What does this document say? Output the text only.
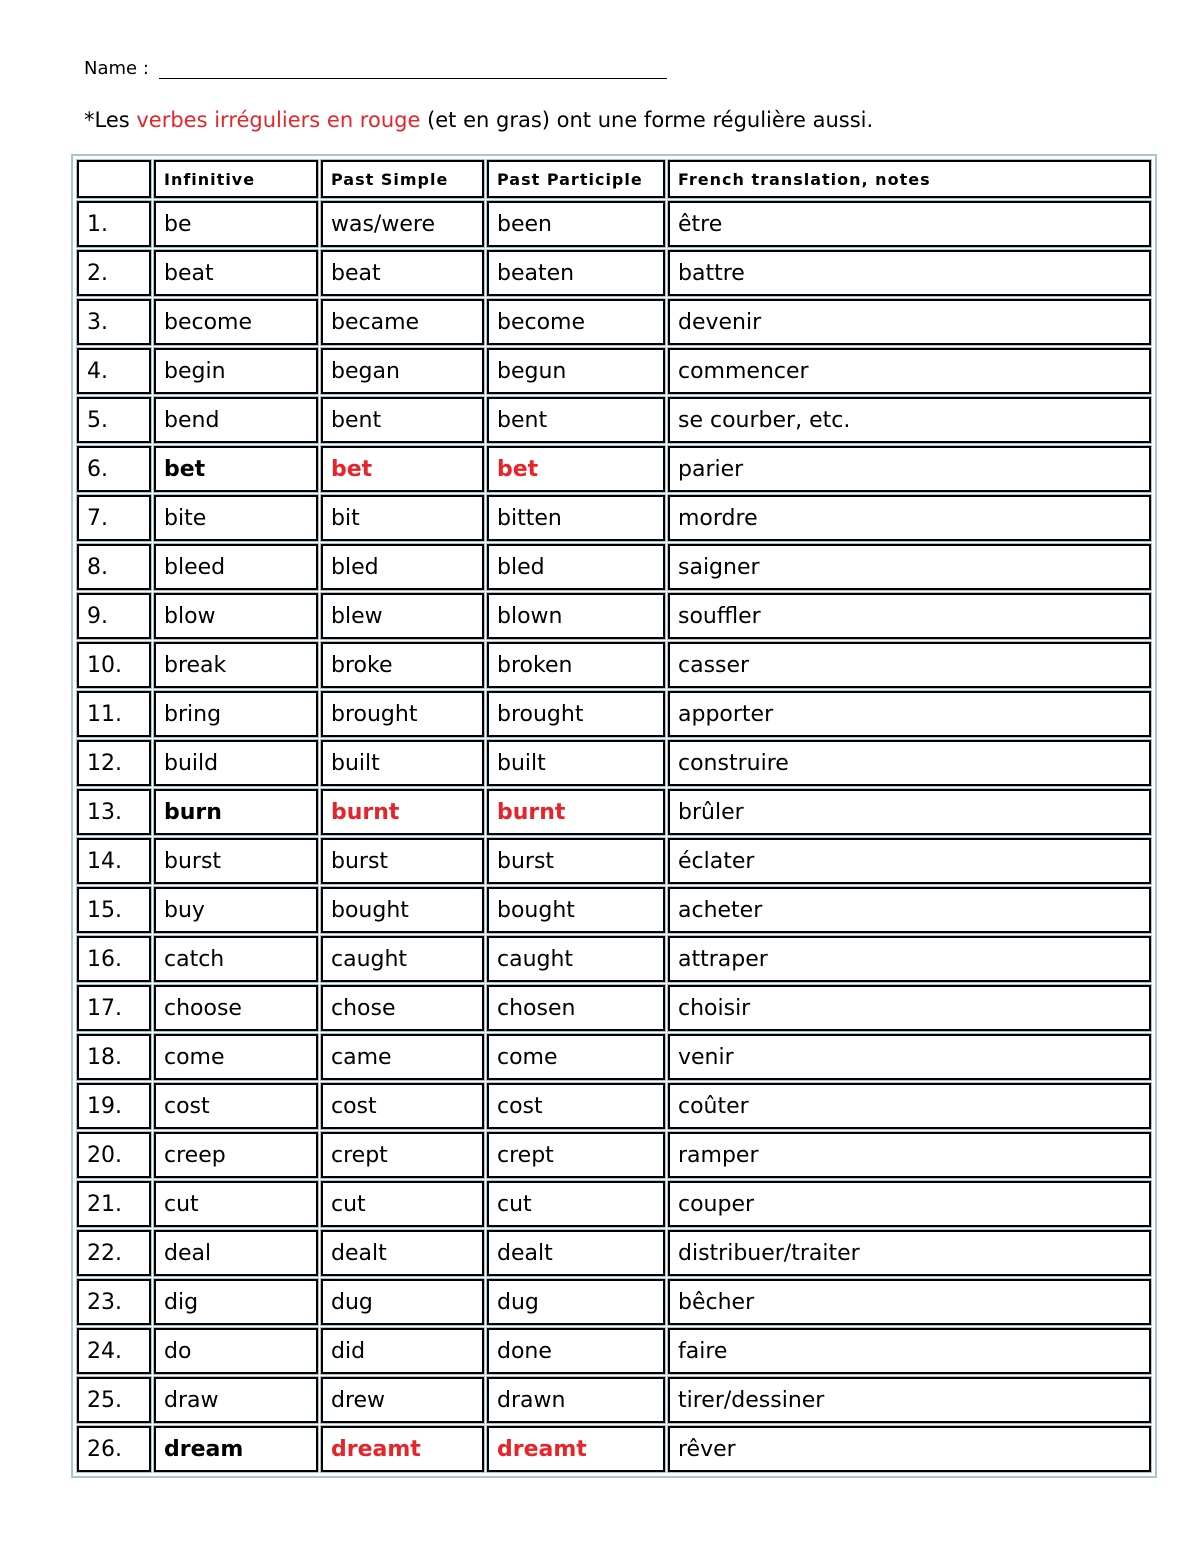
Name :
*Les verbes irréguliers en rouge (et en gras) ont une forme régulière aussi.
	Infinitive	Past Simple	Past Participle	French translation, notes
1.	be	was/were	been	être
2.	beat	beat	beaten	battre
3.	become	became	become	devenir
4.	begin	began	begun	commencer
5.	bend	bent	bent	se courber, etc.
6.	bet	bet	bet	parier
7.	bite	bit	bitten	mordre
8.	bleed	bled	bled	saigner
9.	blow	blew	blown	souffler
10.	break	broke	broken	casser
11.	bring	brought	brought	apporter
12.	build	built	built	construire
13.	burn	burnt	burnt	brûler
14.	burst	burst	burst	éclater
15.	buy	bought	bought	acheter
16.	catch	caught	caught	attraper
17.	choose	chose	chosen	choisir
18.	come	came	come	venir
19.	cost	cost	cost	coûter
20.	creep	crept	crept	ramper
21.	cut	cut	cut	couper
22.	deal	dealt	dealt	distribuer/traiter
23.	dig	dug	dug	bêcher
24.	do	did	done	faire
25.	draw	drew	drawn	tirer/dessiner
26.	dream	dreamt	dreamt	rêver
